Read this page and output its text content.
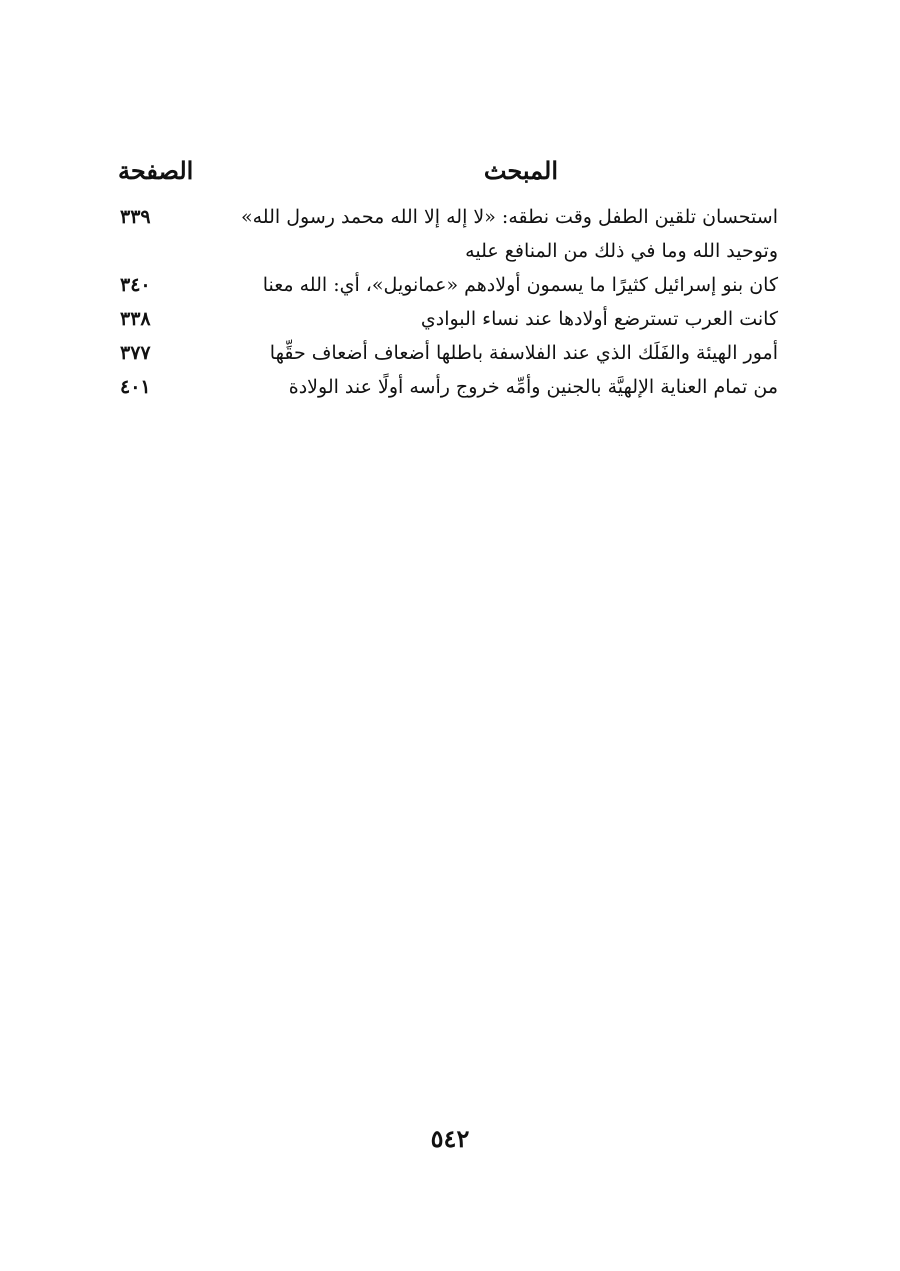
المبحث
الصفحة
استحسان تلقين الطفل وقت نطقه: «لا إله إلا الله محمد رسول الله»
وتوحيد الله وما في ذلك من المنافع عليه
٣٣٩
كان بنو إسرائيل كثيرًا ما يسمون أولادهم «عمانويل»، أي: الله معنا
٣٤٠
كانت العرب تسترضع أولادها عند نساء البوادي
٣٣٨
أمور الهيئة والفَلَك الذي عند الفلاسفة باطلها أضعاف أضعاف حقِّها
٣٧٧
من تمام العناية الإلهيَّة بالجنين وأمِّه خروج رأسه أولًا عند الولادة
٤٠١
٥٤٢
